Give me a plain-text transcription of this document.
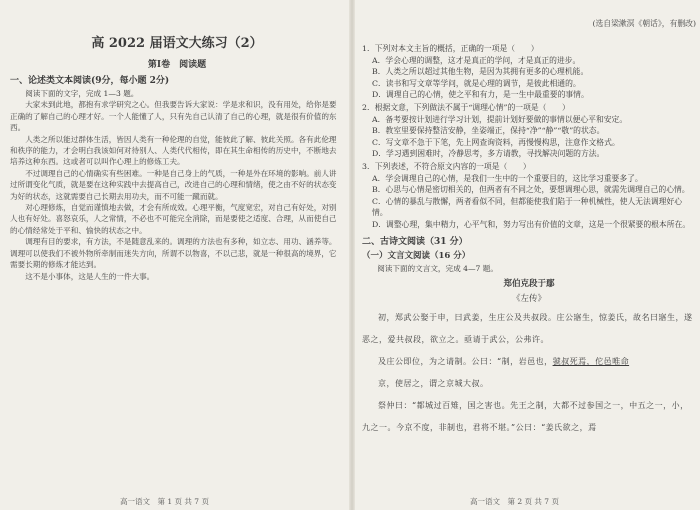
高 2022 届语文大练习（2）
第Ⅰ卷　阅读题
一、论述类文本阅读(9分，每小题 2分)

阅读下面的文字，完成 1—3 题。

大家未到此地，都抱有求学研究之心。但我要告诉大家说：学是求和识，没有用处，给你是要正确的了解自己的心理才好。一个人能懂了人，只有先自己认清了自己的心理，就是很有价值的东西。

人类之所以能过群体生活，皆因人类有一种伦理的自觉，能彼此了解、彼此关照。各有此伦理和秩序的能力，才会明白我该如何对待别人、人类代代相传，即在其生命相传的历史中，不断地去培养这种东西。这或者可以叫作心理上的修炼工夫。

不过调理自己的心情确实有些困难。一种是自己身上的气质，一种是外在环境的影响。前人讲过所谓变化气质，就是要在这种实践中去提高自己，改进自己的心理和情绪，使之由不好的状态变为好的状态，这就需要自己长期去用功夫，而不可能一蹴而就。

对心理修炼，自觉而谨慎地去做，才会有所成效。心理平衡，气度宽宏，对自己有好处，对别人也有好处。喜怒哀乐，人之常情，不必也不可能完全消除，而是要使之适度、合理，从而使自己的心情经常处于平和、愉快的状态之中。

调理有目的要求，有方法，不是随意乱来的。调理的方法也有多种，如立志、用功、涵养等。调理可以使我们不被外物所牵制而迷失方向，所谓不以物喜，不以己悲，就是一种很高的境界，它需要长期的修炼才能达到。

这不是小事体，这是人生的一件大事。

高一语文　第 1 页 共 7 页
(选自梁漱溟《朝话》，有删改)

1．下列对本文主旨的概括，正确的一项是（　　）

A．学会心理的调整，这才是真正的学问，才是真正的进步。

B．人类之所以超过其他生物，是因为其拥有更多的心理机能。

C．读书和写文章等学问，就是心理的调节，是彼此相通的。

D．调理自己的心情，使之平和有力，是一生中最重要的事情。

2．根据文意，下列做法不属于“调理心情”的一项是（　　）

A．备考要按计划进行学习计划，提前计划好要做的事情以便心平和安定。

B．教室里要保持整洁安静，坐姿端正，保持“净”“静”“敬”的状态。

C．写文章不急于下笔，先上网查询资料，再慢慢构思，注意作文格式。

D．学习遇到困难时，冷静思考，多方请教，寻找解决问题的方法。

3．下列表述，不符合原文内容的一项是（　　）

A．学会调理自己的心情，是我们一生中的一个重要目的，这比学习重要多了。

B．心思与心情是密切相关的，但两者有不同之处，要想调理心思，就需先调理自己的心情。

C．心情的暴乱与散懈，两者看似不同，但都能使我们陷于一种机械性，使人无法调理好心情。

D．调整心理，集中精力，心平气和，努力写出有价值的文章，这是一个很紧要的根本所在。

二、古诗文阅读（31 分）
（一）文言文阅读（16 分）

阅读下面的文言文，完成 4—7 题。

郑伯克段于鄢
《左传》

初，郑武公娶于申，曰武姜，生庄公及共叔段。庄公寤生，惊姜氏，故名曰寤生，遂恶之，爱共叔段，欲立之。亟请于武公，公弗许。

及庄公即位，为之请制。公曰：“制，岩邑也，虢叔死焉，佗邑唯命

京，使居之，谓之京城大叔。

祭仲曰：“都城过百雉，国之害也。先王之制，大都不过参国之一，中五之一，小，九之一。今京不度，非制也，君将不堪。”公曰：“姜氏欲之，焉

高一语文　第 2 页 共 7 页
